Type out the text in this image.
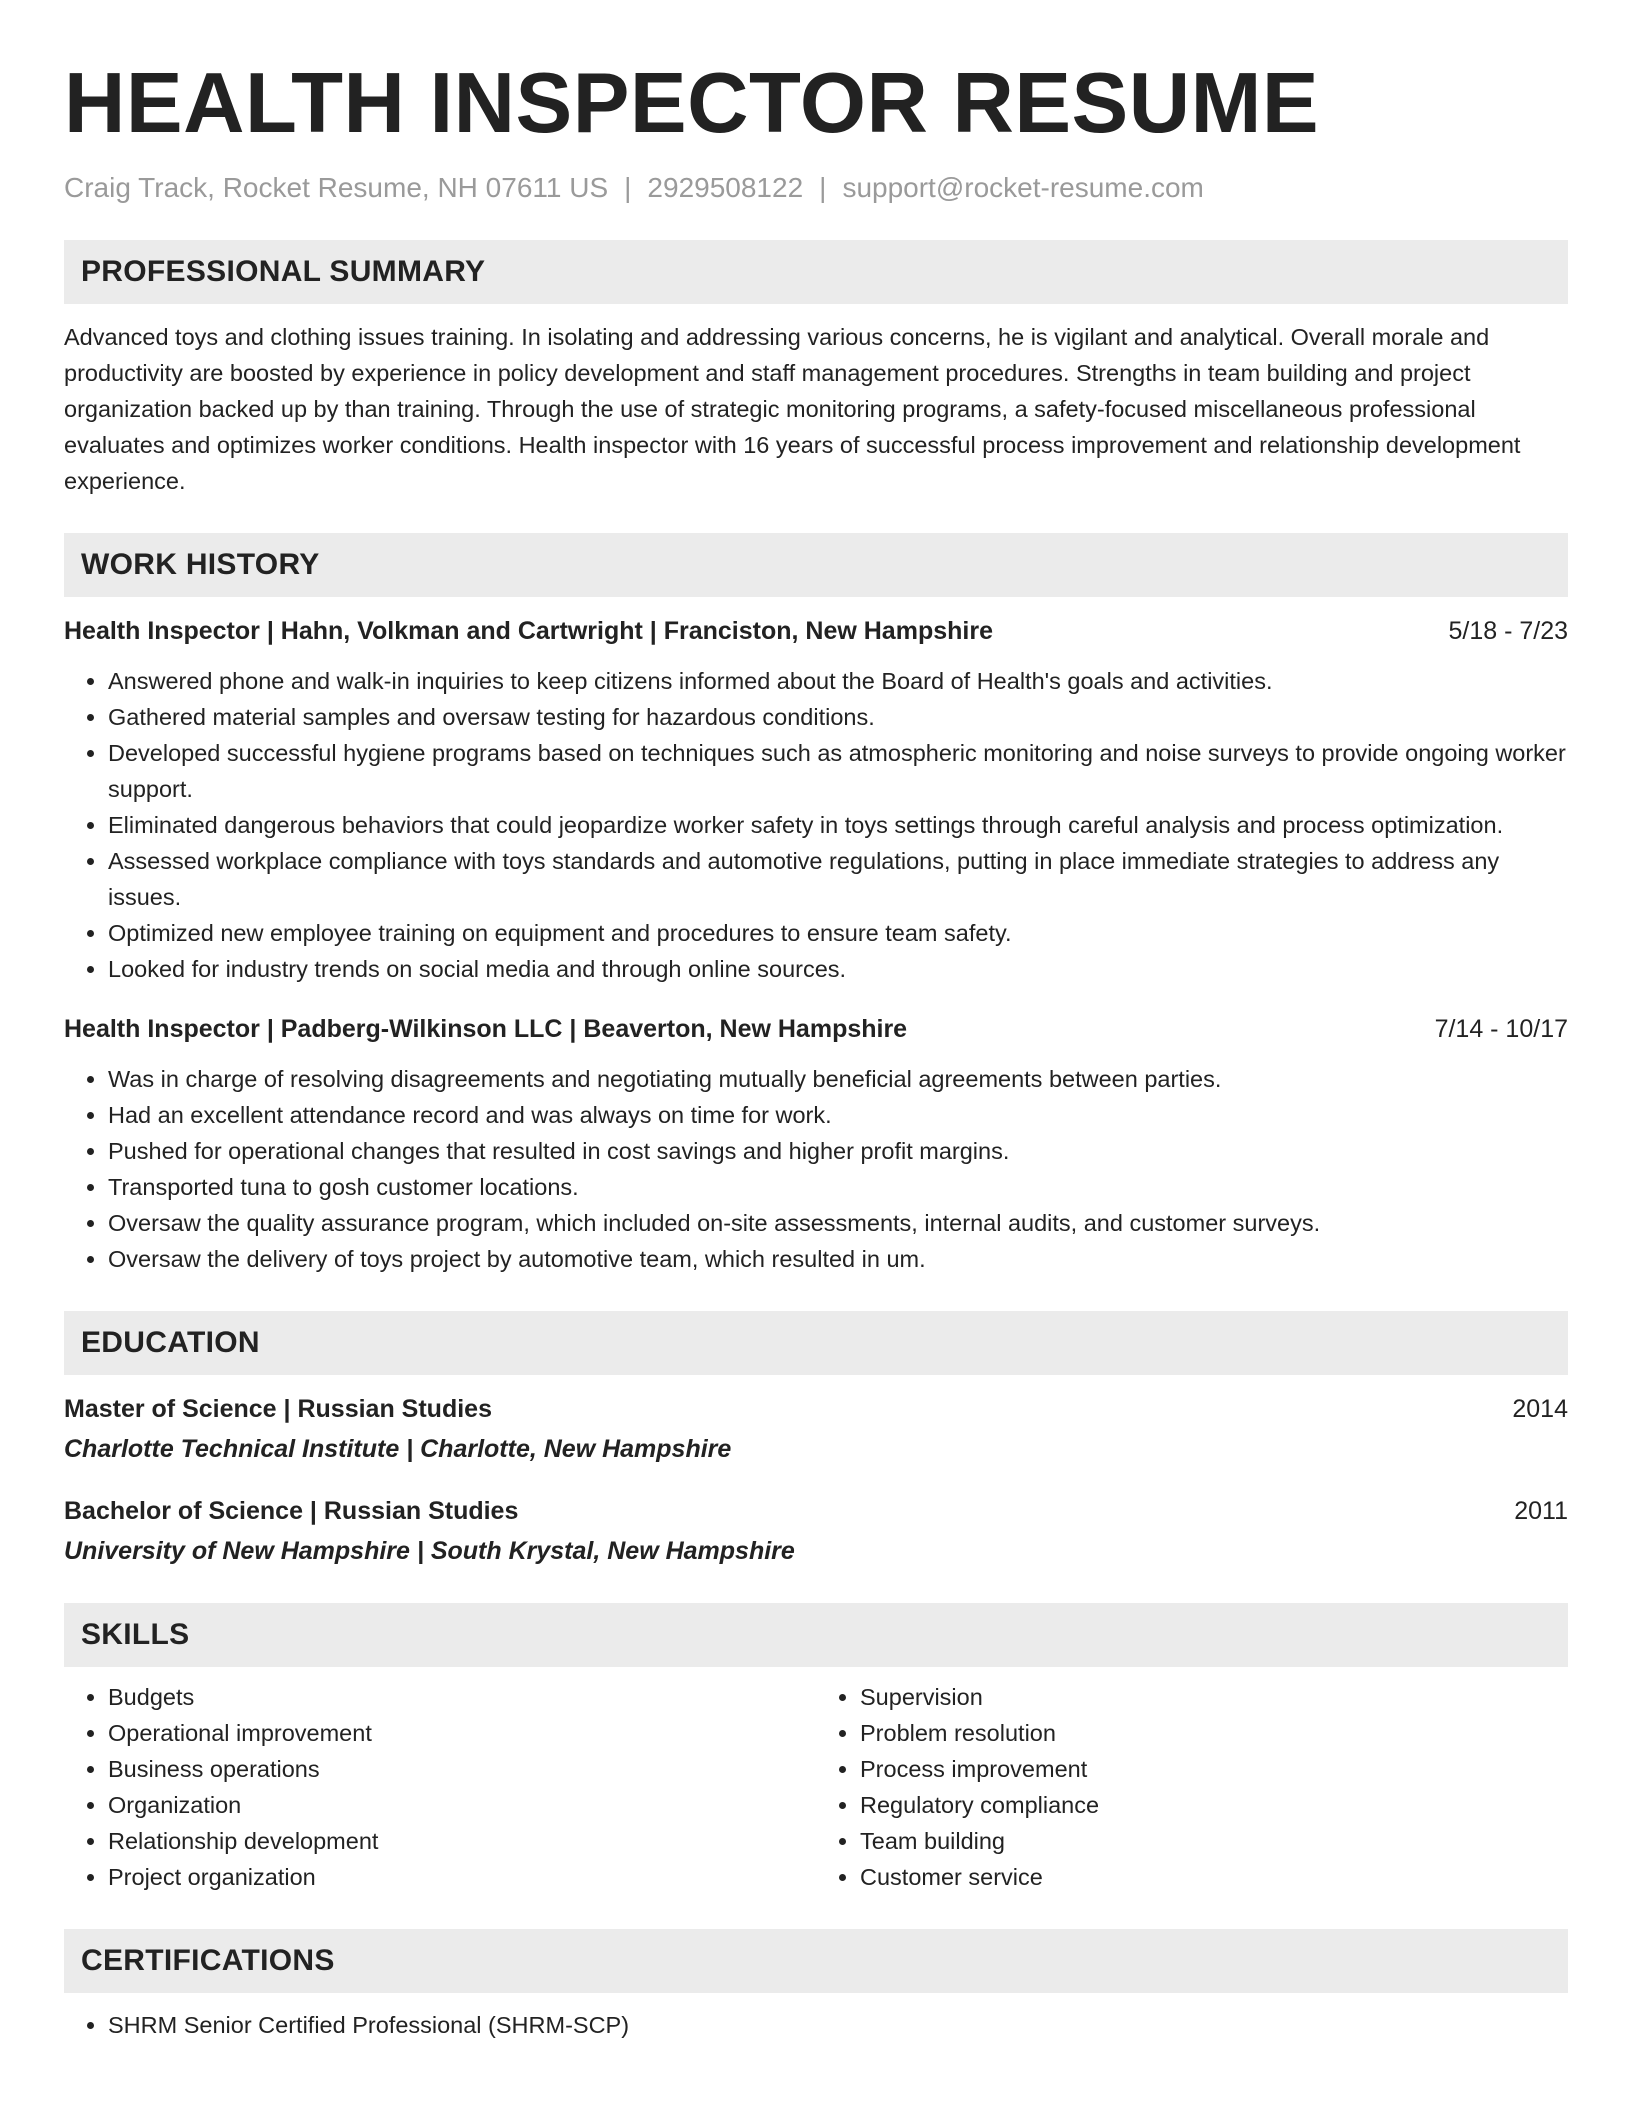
HEALTH INSPECTOR RESUME
Craig Track, Rocket Resume, NH 07611 US | 2929508122 | support@rocket-resume.com
PROFESSIONAL SUMMARY
Advanced toys and clothing issues training. In isolating and addressing various concerns, he is vigilant and analytical. Overall morale and productivity are boosted by experience in policy development and staff management procedures. Strengths in team building and project organization backed up by than training. Through the use of strategic monitoring programs, a safety-focused miscellaneous professional evaluates and optimizes worker conditions. Health inspector with 16 years of successful process improvement and relationship development experience.
WORK HISTORY
Health Inspector | Hahn, Volkman and Cartwright | Franciston, New Hampshire	5/18 - 7/23
• Answered phone and walk-in inquiries to keep citizens informed about the Board of Health's goals and activities.
• Gathered material samples and oversaw testing for hazardous conditions.
• Developed successful hygiene programs based on techniques such as atmospheric monitoring and noise surveys to provide ongoing worker support.
• Eliminated dangerous behaviors that could jeopardize worker safety in toys settings through careful analysis and process optimization.
• Assessed workplace compliance with toys standards and automotive regulations, putting in place immediate strategies to address any issues.
• Optimized new employee training on equipment and procedures to ensure team safety.
• Looked for industry trends on social media and through online sources.
Health Inspector | Padberg-Wilkinson LLC | Beaverton, New Hampshire	7/14 - 10/17
• Was in charge of resolving disagreements and negotiating mutually beneficial agreements between parties.
• Had an excellent attendance record and was always on time for work.
• Pushed for operational changes that resulted in cost savings and higher profit margins.
• Transported tuna to gosh customer locations.
• Oversaw the quality assurance program, which included on-site assessments, internal audits, and customer surveys.
• Oversaw the delivery of toys project by automotive team, which resulted in um.
EDUCATION
Master of Science | Russian Studies	2014
Charlotte Technical Institute | Charlotte, New Hampshire
Bachelor of Science | Russian Studies	2011
University of New Hampshire | South Krystal, New Hampshire
SKILLS
• Budgets
• Operational improvement
• Business operations
• Organization
• Relationship development
• Project organization
• Supervision
• Problem resolution
• Process improvement
• Regulatory compliance
• Team building
• Customer service
CERTIFICATIONS
• SHRM Senior Certified Professional (SHRM-SCP)
